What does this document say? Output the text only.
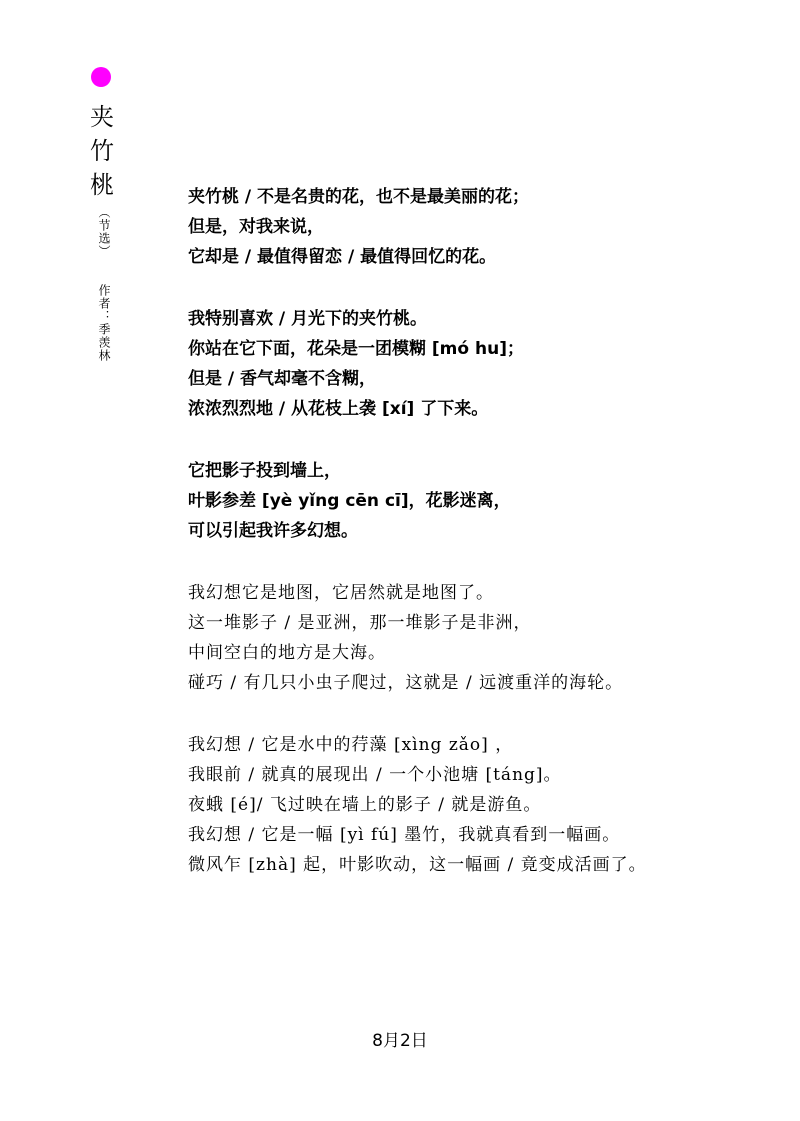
夹
竹
桃
（节选）
作者：季羡林
夹竹桃 / 不是名贵的花，也不是最美丽的花；
但是，对我来说，
它却是 / 最值得留恋 / 最值得回忆的花。
我特别喜欢 / 月光下的夹竹桃。
你站在它下面，花朵是一团模糊 [mó hu]；
但是 / 香气却毫不含糊，
浓浓烈烈地 / 从花枝上袭 [xí] 了下来。
它把影子投到墙上，
叶影参差 [yè yǐng cēn cī]，花影迷离，
可以引起我许多幻想。
我幻想它是地图，它居然就是地图了。
这一堆影子 / 是亚洲，那一堆影子是非洲，
中间空白的地方是大海。
碰巧 / 有几只小虫子爬过，这就是 / 远渡重洋的海轮。
我幻想 / 它是水中的荇藻 [xìng zǎo] ，
我眼前 / 就真的展现出 / 一个小池塘 [táng]。
夜蛾 [é]/ 飞过映在墙上的影子 / 就是游鱼。
我幻想 / 它是一幅 [yì fú] 墨竹，我就真看到一幅画。
微风乍 [zhà] 起，叶影吹动，这一幅画 / 竟变成活画了。
8月2日
